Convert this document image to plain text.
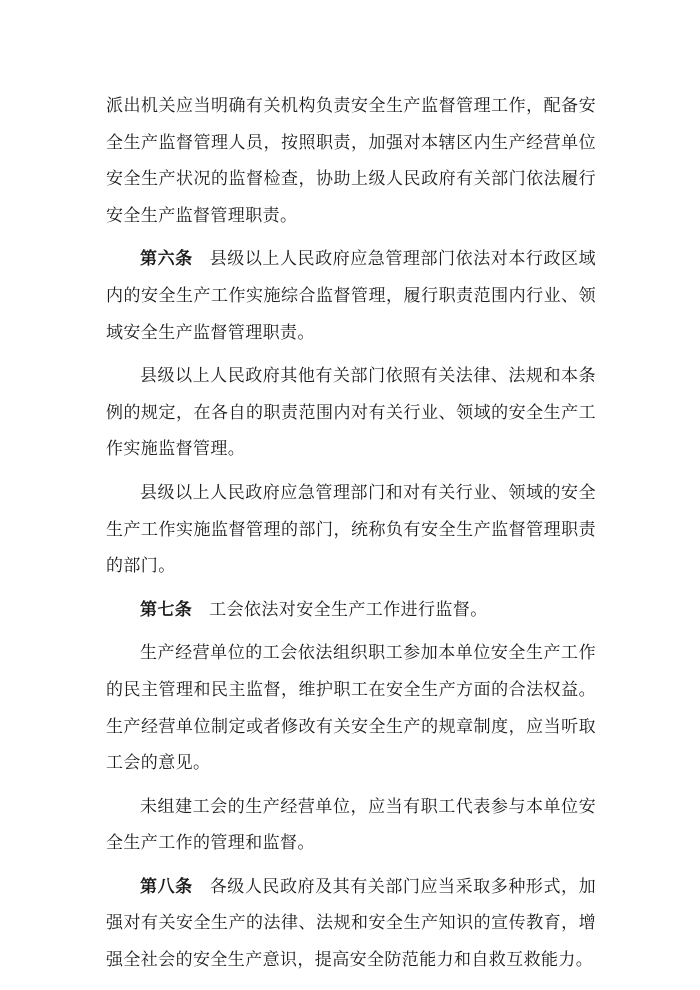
派出机关应当明确有关机构负责安全生产监督管理工作，配备安全生产监督管理人员，按照职责，加强对本辖区内生产经营单位安全生产状况的监督检查，协助上级人民政府有关部门依法履行安全生产监督管理职责。

第六条 县级以上人民政府应急管理部门依法对本行政区域内的安全生产工作实施综合监督管理，履行职责范围内行业、领域安全生产监督管理职责。

县级以上人民政府其他有关部门依照有关法律、法规和本条例的规定，在各自的职责范围内对有关行业、领域的安全生产工作实施监督管理。

县级以上人民政府应急管理部门和对有关行业、领域的安全生产工作实施监督管理的部门，统称负有安全生产监督管理职责的部门。

第七条 工会依法对安全生产工作进行监督。

生产经营单位的工会依法组织职工参加本单位安全生产工作的民主管理和民主监督，维护职工在安全生产方面的合法权益。生产经营单位制定或者修改有关安全生产的规章制度，应当听取工会的意见。

未组建工会的生产经营单位，应当有职工代表参与本单位安全生产工作的管理和监督。

第八条 各级人民政府及其有关部门应当采取多种形式，加强对有关安全生产的法律、法规和安全生产知识的宣传教育，增强全社会的安全生产意识，提高安全防范能力和自救互救能力。
